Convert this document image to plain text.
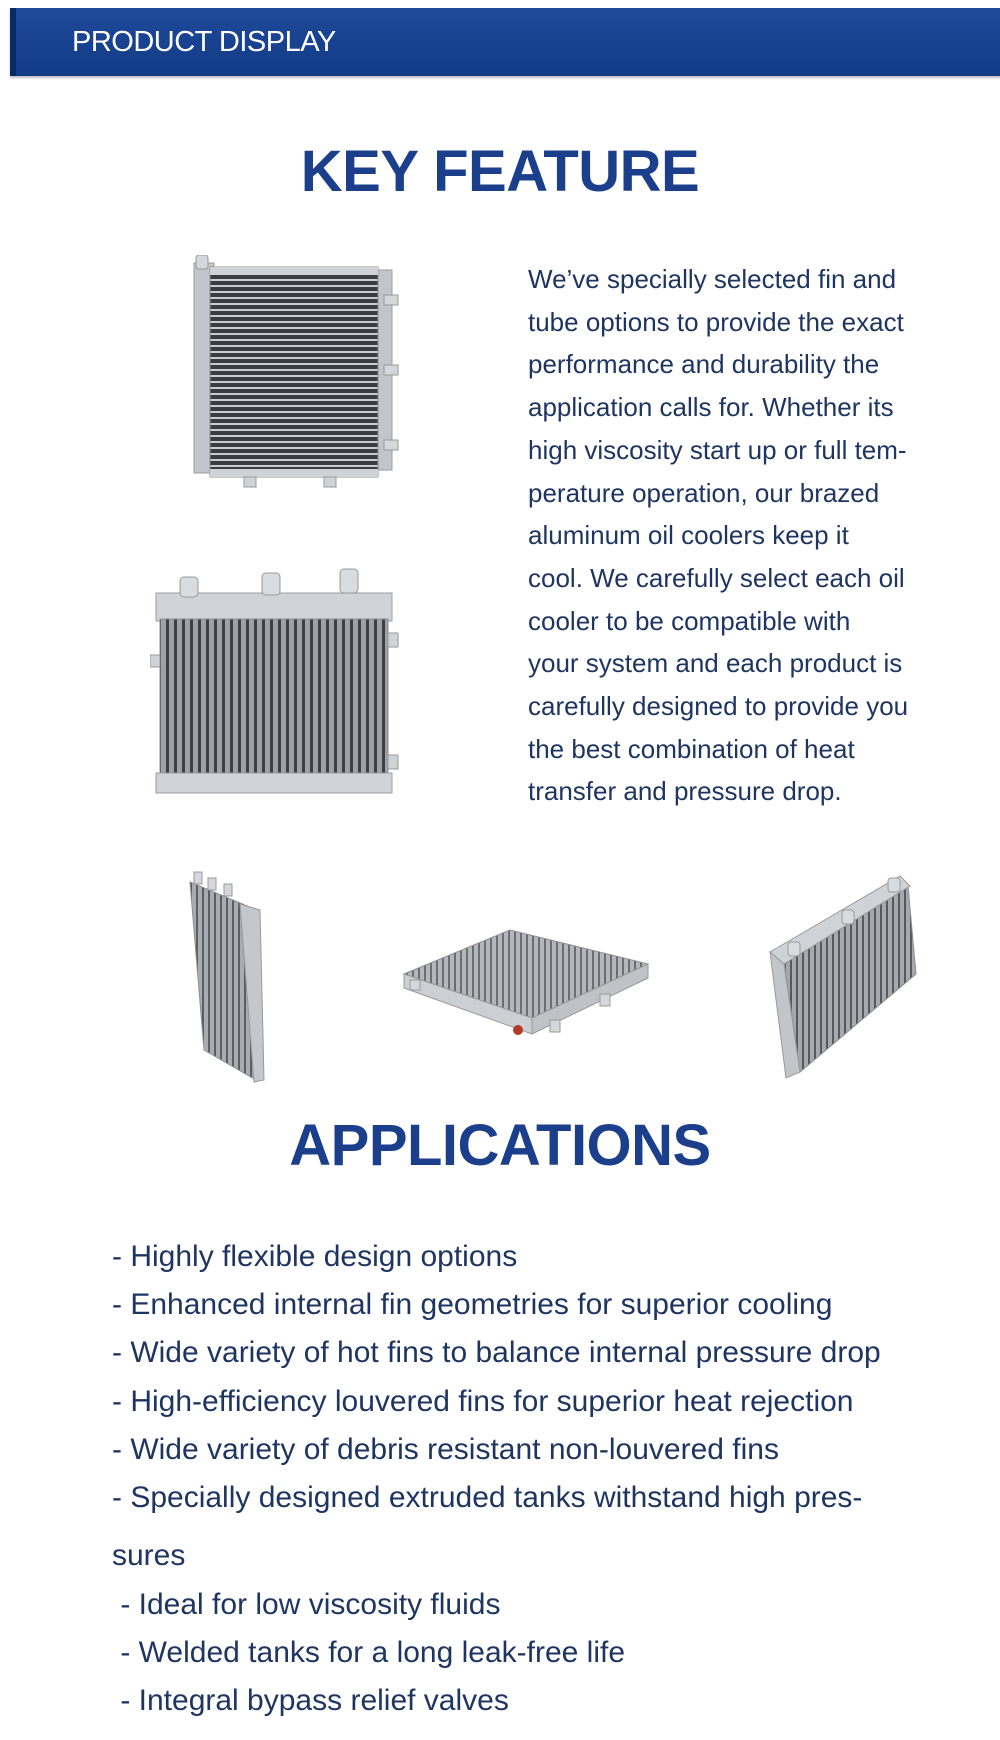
PRODUCT DISPLAY
KEY FEATURE
We’ve specially selected fin and
tube options to provide the exact
performance and durability the
application calls for. Whether its
high viscosity start up or full tem-
perature operation, our brazed
aluminum oil coolers keep it
cool. We carefully select each oil
cooler to be compatible with
your system and each product is
carefully designed to provide you
the best combination of heat
transfer and pressure drop.
APPLICATIONS
- Highly flexible design options
- Enhanced internal fin geometries for superior cooling
- Wide variety of hot fins to balance internal pressure drop
- High-efficiency louvered fins for superior heat rejection
- Wide variety of debris resistant non-louvered fins
- Specially designed extruded tanks withstand high pres-
sures
- Ideal for low viscosity fluids
- Welded tanks for a long leak-free life
- Integral bypass relief valves
